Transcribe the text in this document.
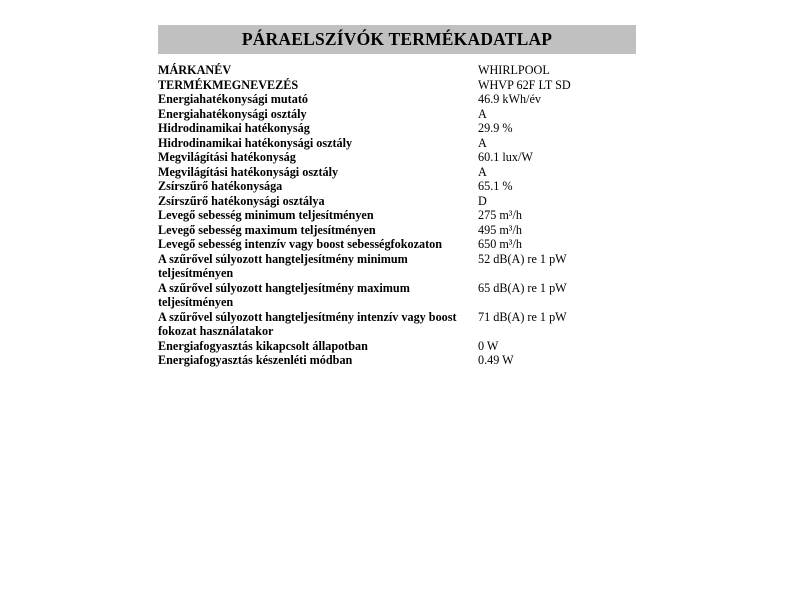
PÁRAELSZÍVÓK TERMÉKADATLAP
MÁRKANÉV	WHIRLPOOL
TERMÉKMEGNEVEZÉS	WHVP 62F LT SD
Energiahatékonysági mutató	46.9 kWh/év
Energiahatékonysági osztály	A
Hidrodinamikai hatékonyság	29.9 %
Hidrodinamikai hatékonysági osztály	A
Megvilágítási hatékonyság	60.1 lux/W
Megvilágítási hatékonysági osztály	A
Zsírszűrő hatékonysága	65.1 %
Zsírszűrő hatékonysági osztálya	D
Levegő sebesség minimum teljesítményen	275 m³/h
Levegő sebesség maximum teljesítményen	495 m³/h
Levegő sebesség intenzív vagy boost sebességfokozaton	650 m³/h
A szűrővel súlyozott hangteljesítmény minimum teljesítményen	52 dB(A) re 1 pW
A szűrővel súlyozott hangteljesítmény maximum teljesítményen	65 dB(A) re 1 pW
A szűrővel súlyozott hangteljesítmény intenzív vagy boost fokozat használatakor	71 dB(A) re 1 pW
Energiafogyasztás kikapcsolt állapotban	0 W
Energiafogyasztás készenléti módban	0.49 W
